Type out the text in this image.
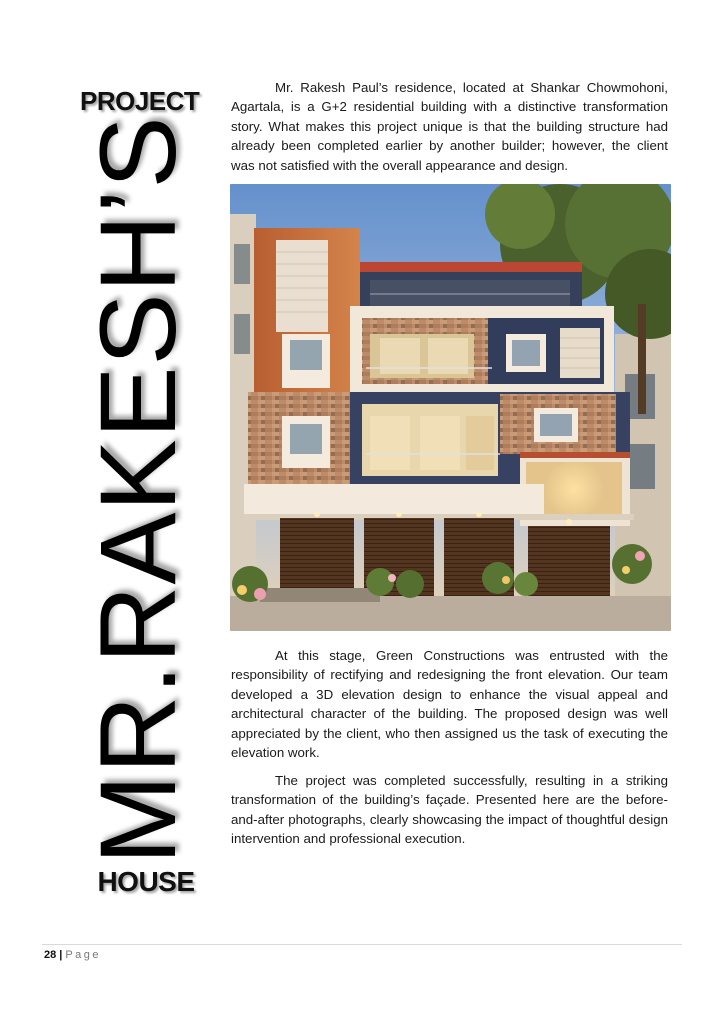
PROJECT
MR.RAKESH’S
HOUSE

Mr. Rakesh Paul’s residence, located at Shankar Chowmohoni, Agartala, is a G+2 residential building with a distinctive transformation story. What makes this project unique is that the building structure had already been completed earlier by another builder; however, the client was not satisfied with the overall appearance and design.

At this stage, Green Constructions was entrusted with the responsibility of rectifying and redesigning the front elevation. Our team developed a 3D elevation design to enhance the visual appeal and architectural character of the building. The proposed design was well appreciated by the client, who then assigned us the task of executing the elevation work.

The project was completed successfully, resulting in a striking transformation of the building’s façade. Presented here are the before-and-after photographs, clearly showcasing the impact of thoughtful design intervention and professional execution.

28 | Page
